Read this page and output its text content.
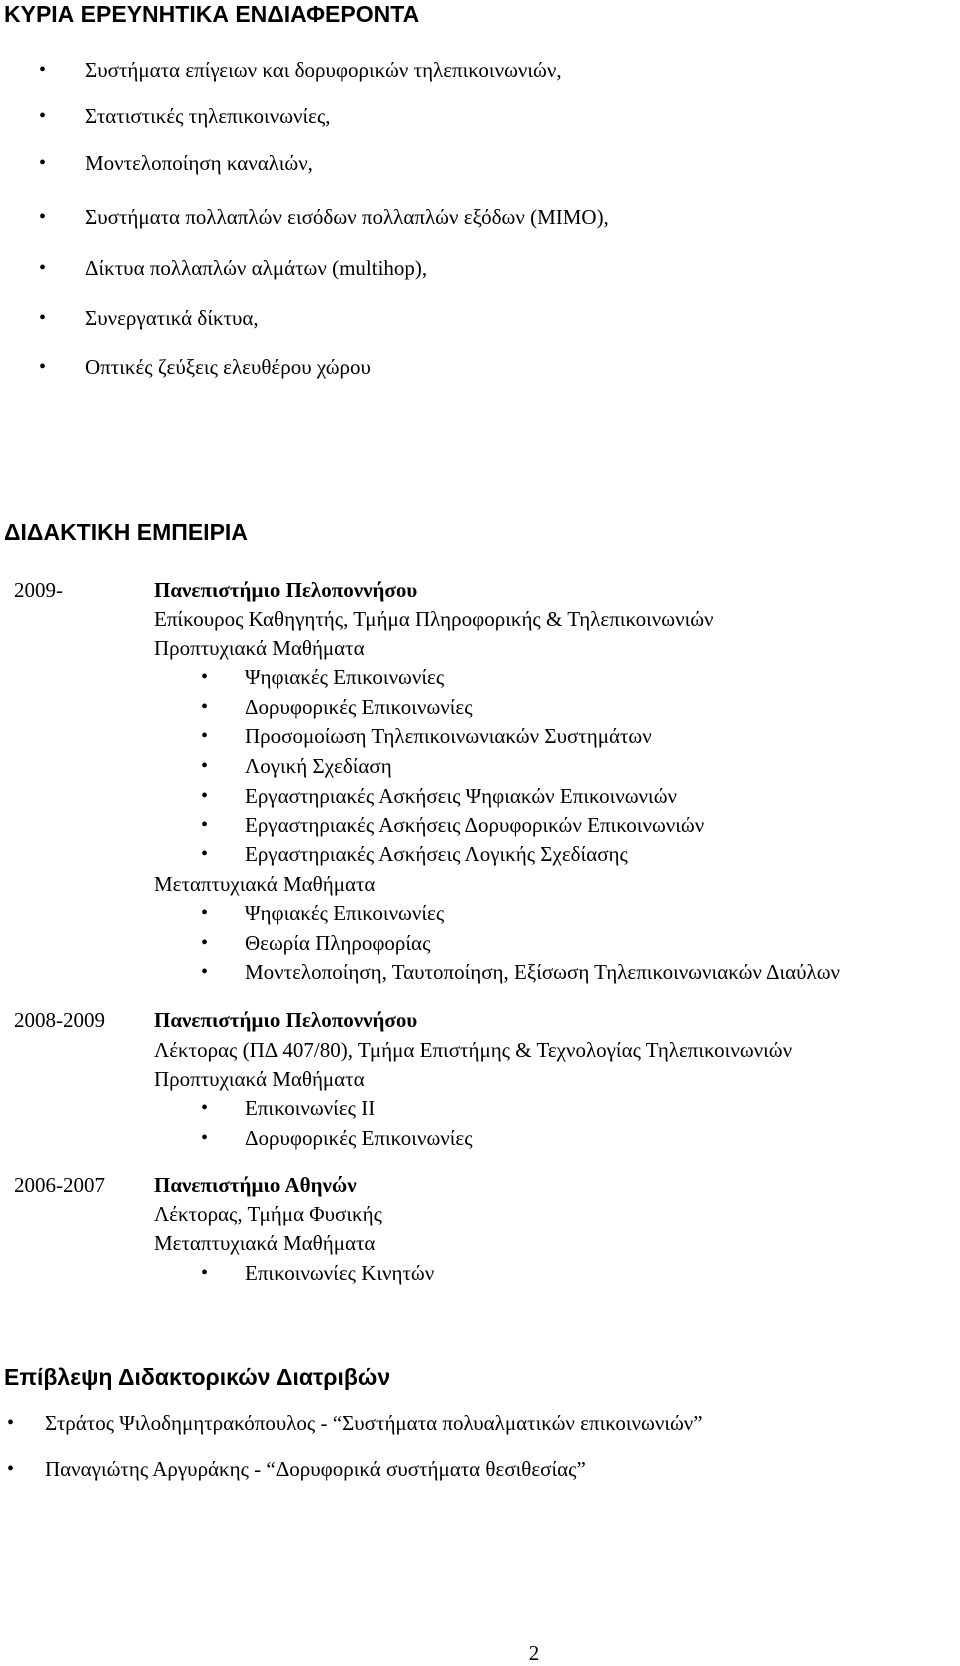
ΚΥΡΙΑ ΕΡΕΥΝΗΤΙΚΑ ΕΝΔΙΑΦΕΡΟΝΤΑ
• Συστήματα επίγειων και δορυφορικών τηλεπικοινωνιών,
• Στατιστικές τηλεπικοινωνίες,
• Μοντελοποίηση καναλιών,
• Συστήματα πολλαπλών εισόδων πολλαπλών εξόδων (MIMO),
• Δίκτυα πολλαπλών αλμάτων (multihop),
• Συνεργατικά δίκτυα,
• Οπτικές ζεύξεις ελευθέρου χώρου
ΔΙΔΑΚΤΙΚΗ ΕΜΠΕΙΡΙΑ
2009-	Πανεπιστήμιο Πελοποννήσου
Επίκουρος Καθηγητής, Τμήμα Πληροφορικής & Τηλεπικοινωνιών
Προπτυχιακά Μαθήματα
• Ψηφιακές Επικοινωνίες
• Δορυφορικές Επικοινωνίες
• Προσομοίωση Τηλεπικοινωνιακών Συστημάτων
• Λογική Σχεδίαση
• Εργαστηριακές Ασκήσεις Ψηφιακών Επικοινωνιών
• Εργαστηριακές Ασκήσεις Δορυφορικών Επικοινωνιών
• Εργαστηριακές Ασκήσεις Λογικής Σχεδίασης
Μεταπτυχιακά Μαθήματα
• Ψηφιακές Επικοινωνίες
• Θεωρία Πληροφορίας
• Μοντελοποίηση, Ταυτοποίηση, Εξίσωση Τηλεπικοινωνιακών Διαύλων
2008-2009 Πανεπιστήμιο Πελοποννήσου
Λέκτορας (ΠΔ 407/80), Τμήμα Επιστήμης & Τεχνολογίας Τηλεπικοινωνιών
Προπτυχιακά Μαθήματα
• Επικοινωνίες ΙΙ
• Δορυφορικές Επικοινωνίες
2006-2007 Πανεπιστήμιο Αθηνών
Λέκτορας, Τμήμα Φυσικής
Μεταπτυχιακά Μαθήματα
• Επικοινωνίες Κινητών
Επίβλεψη Διδακτορικών Διατριβών
• Στράτος Ψιλοδημητρακόπουλος - “Συστήματα πολυαλματικών επικοινωνιών”
• Παναγιώτης Αργυράκης - “Δορυφορικά συστήματα θεσιθεσίας”
2
